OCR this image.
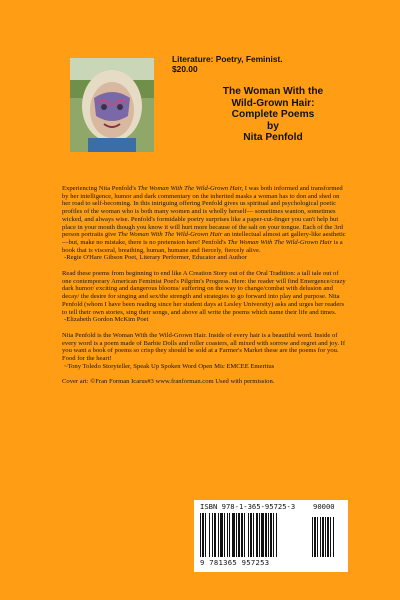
Literature: Poetry, Feminist.
$20.00
The Woman With the
Wild-Grown Hair:
Complete Poems
by
Nita Penfold

Experiencing Nita Penfold's The Woman With The Wild-Grown Hair, I was both informed and transformed by her intelligence, humor and dark commentary on the inherited masks a woman has to don and shed on her road to self-becoming. In this intriguing offering Penfold gives us spiritual and psychological poetic profiles of the woman who is both many women and is wholly herself— sometimes wanton, sometimes wicked, and always wise. Penfold's formidable poetry surprises like a paper-cut-finger you can't help but place in your mouth though you know it will hurt more because of the salt on your tongue. Each of the 3rd person portraits give The Woman With The Wild-Grown Hair an intellectual almost art gallery-like aesthetic—but, make no mistake, there is no pretension here! Penfold's The Woman With The Wild-Grown Hair is a book that is visceral, breathing, human, humane and fiercely, fiercely alive.

-Regie O'Hare Gibson Poet, Literary Performer, Educator and Author

Read these poems from beginning to end like A Creation Story out of the Oral Tradition: a tall tale out of one contemporary American Feminist Poet's Pilgrim's Progress. Here: the reader will find Emergence/crazy dark humor/ exciting and dangerous blooms/ suffering on the way to change/combat with delusion and decay/ the desire for singing and sex/the strength and strategies to go forward into play and purpose. Nita Penfold (whom I have been reading since her student days at Lesley University) asks and urges her readers to tell their own stories, sing their songs, and above all write the poems which name their life and times.

-Elizabeth Gordon McKim Poet

Nita Penfold is the Woman With the Wild-Grown Hair. Inside of every hair is a beautiful word. Inside of every word is a poem made of Barbie Dolls and roller coasters, all mixed with sorrow and regret and joy. If you want a book of poems so crisp they should be sold at a Farmer's Market these are the poems for you. Food for the heart!

~Tony Toledo Storyteller, Speak Up Spoken Word Open Mic EMCEE Emeritus

Cover art: ©Fran Forman Icarus#3 www.franforman.com Used with permission.

ISBN 978-1-365-95725-3 90000
9 781365 957253
